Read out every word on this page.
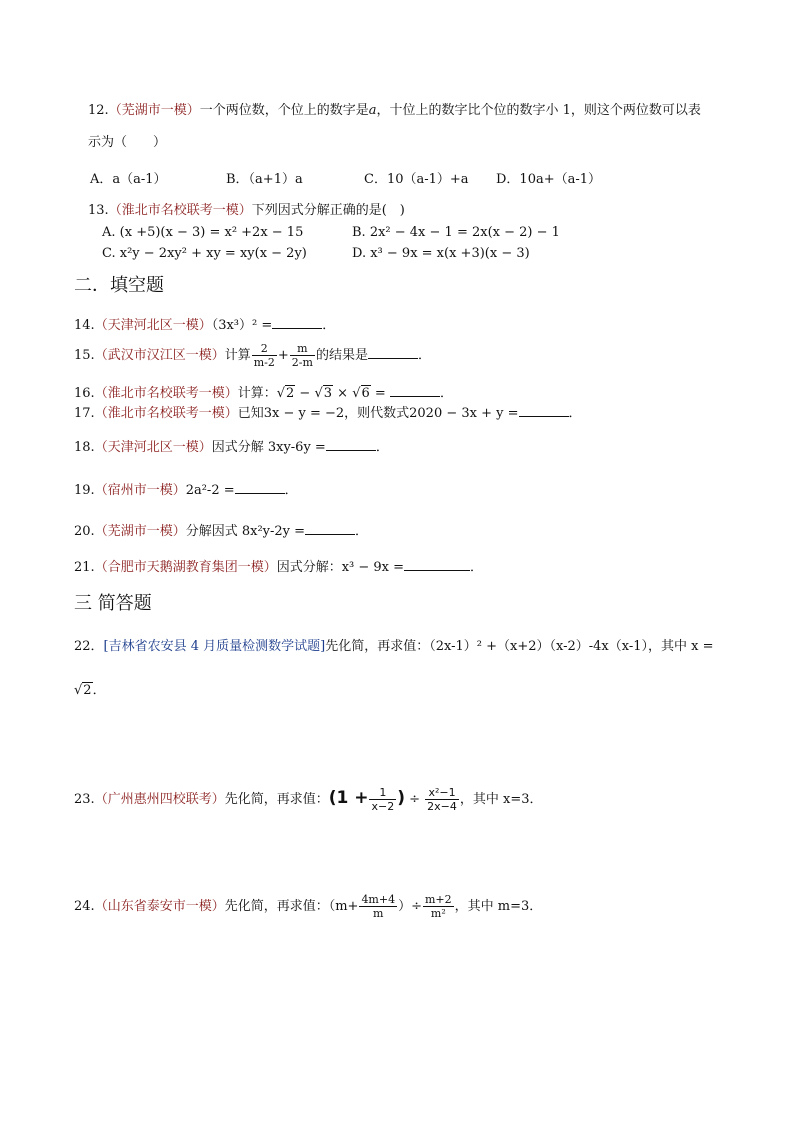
12.（芜湖市一模）一个两位数，个位上的数字是a，十位上的数字比个位的数字小 1，则这个两位数可以表
示为（　　）
A．a（a-1）	B．（a+1）a	C．10（a-1）+a D．10a+（a-1）
13.（淮北市名校联考一模）下列因式分解正确的是(　)
A. (x +5)(x − 3) = x² +2x − 15	B. 2x² − 4x − 1 = 2x(x − 2) − 1
C. x²y − 2xy² + xy = xy(x − 2y)	D. x³ − 9x = x(x +3)(x − 3)
二．填空题
14.（天津河北区一模）（3x³）² =	．
15.（武汉市汉江区一模）计算 $\frac{2}{m-2} + \frac{m}{2-m}$ 的结果是	．
16.（淮北市名校联考一模）计算：√2 − √3 × √6 =	．
17.（淮北市名校联考一模）已知3x − y = −2，则代数式2020 − 3x + y =	．
18.（天津河北区一模）因式分解 3xy-6y =	．
19.（宿州市一模）2a²-2 =	．
20.（芜湖市一模）分解因式 8x²y-2y =	．
21.（合肥市天鹅湖教育集团一模）因式分解：x³ − 9x =	．
三 简答题
22．[吉林省农安县 4 月质量检测数学试题]先化简，再求值：（2x-1）² +（x+2）（x-2）-4x（x-1），其中 x =
√2．
23.（广州惠州四校联考）先化简，再求值：($1 + \frac{1}{x-2}$ ) ÷ $\frac{\text{x²−1}}{2x-4}$ ，其中 x=3．
24.（山东省泰安市一模）先化简，再求值：（$m+ \frac{4m+4}{m}$ ）÷ $\frac{m+2}{\text{m²}}$ ，其中 m=3．
